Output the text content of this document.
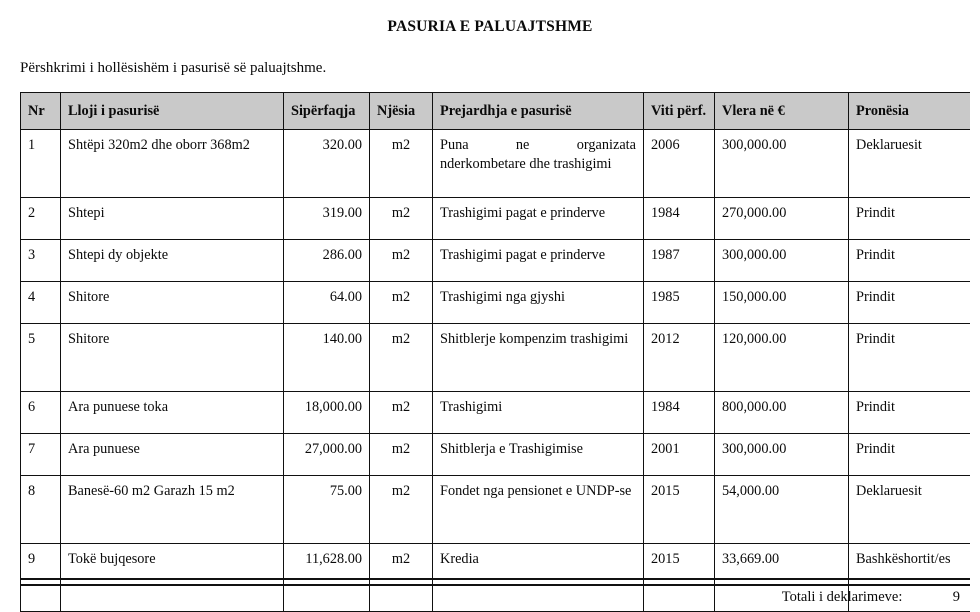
PASURIA E PALUAJTSHME
Përshkrimi i hollësishëm i pasurisë së paluajtshme.
Nr	Lloji i pasurisë	Sipërfaqja	Njësia	Prejardhja e pasurisë	Viti përf.	Vlera në €	Pronësia
1	Shtëpi 320m2 dhe oborr 368m2	320.00	m2	Puna ne organizata nderkombetare dhe trashigimi	2006	300,000.00	Deklaruesit
2	Shtepi	319.00	m2	Trashigimi pagat e prinderve	1984	270,000.00	Prindit
3	Shtepi dy objekte	286.00	m2	Trashigimi pagat e prinderve	1987	300,000.00	Prindit
4	Shitore	64.00	m2	Trashigimi nga gjyshi	1985	150,000.00	Prindit
5	Shitore	140.00	m2	Shitblerje kompenzim trashigimi	2012	120,000.00	Prindit
6	Ara punuese toka	18,000.00	m2	Trashigimi	1984	800,000.00	Prindit
7	Ara punuese	27,000.00	m2	Shitblerja e Trashigimise	2001	300,000.00	Prindit
8	Banesë-60 m2 Garazh 15 m2	75.00	m2	Fondet nga pensionet e UNDP-se	2015	54,000.00	Deklaruesit
9	Tokë bujqesore	11,628.00	m2	Kredia	2015	33,669.00	Bashkëshortit/es
Totali i deklarimeve:	9
